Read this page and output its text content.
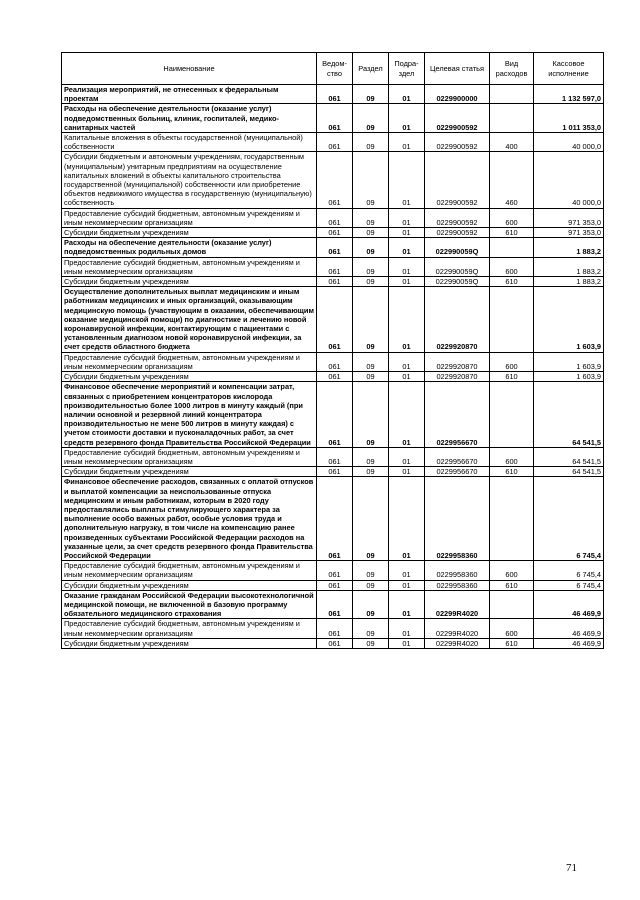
Наименование	Ведом-ство	Раздел	Подра-здел	Целевая статья	Вид расходов	Кассовое исполнение
Реализация мероприятий, не отнесенных к федеральным проектам	061	09	01	0229900000		1 132 597,0
Расходы на обеспечение деятельности (оказание услуг) подведомственных больниц, клиник, госпиталей, медико-санитарных частей	061	09	01	0229900592		1 011 353,0
Капитальные вложения в объекты государственной (муниципальной) собственности	061	09	01	0229900592	400	40 000,0
Субсидии бюджетным и автономным учреждениям, государственным (муниципальным) унитарным предприятиям на осуществление капитальных вложений в объекты капитального строительства государственной (муниципальной) собственности или приобретение объектов недвижимого имущества в государственную (муниципальную) собственность	061	09	01	0229900592	460	40 000,0
Предоставление субсидий бюджетным, автономным учреждениям и иным некоммерческим организациям	061	09	01	0229900592	600	971 353,0
Субсидии бюджетным учреждениям	061	09	01	0229900592	610	971 353,0
Расходы на обеспечение деятельности (оказание услуг) подведомственных родильных домов	061	09	01	022990059Q		1 883,2
Предоставление субсидий бюджетным, автономным учреждениям и иным некоммерческим организациям	061	09	01	022990059Q	600	1 883,2
Субсидии бюджетным учреждениям	061	09	01	022990059Q	610	1 883,2
Осуществление дополнительных выплат медицинским и иным работникам медицинских и иных организаций, оказывающим медицинскую помощь (участвующим в оказании, обеспечивающим оказание медицинской помощи) по диагностике и лечению новой коронавирусной инфекции, контактирующим с пациентами с установленным диагнозом новой коронавирусной инфекции, за счет средств областного бюджета	061	09	01	0229920870		1 603,9
Предоставление субсидий бюджетным, автономным учреждениям и иным некоммерческим организациям	061	09	01	0229920870	600	1 603,9
Субсидии бюджетным учреждениям	061	09	01	0229920870	610	1 603,9
Финансовое обеспечение мероприятий и компенсации затрат, связанных с приобретением концентраторов кислорода производительностью более 1000 литров в минуту каждый (при наличии основной и резервной линий концентратора производительностью не мене 500 литров в минуту каждая) с учетом стоимости доставки и пусконаладочных работ, за счет средств резервного фонда Правительства Российской Федерации	061	09	01	0229956670		64 541,5
Предоставление субсидий бюджетным, автономным учреждениям и иным некоммерческим организациям	061	09	01	0229956670	600	64 541,5
Субсидии бюджетным учреждениям	061	09	01	0229956670	610	64 541,5
Финансовое обеспечение расходов, связанных с оплатой отпусков и выплатой компенсации за неиспользованные отпуска медицинским и иным работникам, которым в 2020 году предоставлялись выплаты стимулирующего характера за выполнение особо важных работ, особые условия труда и дополнительную нагрузку, в том числе на компенсацию ранее произведенных субъектами Российской Федерации расходов на указанные цели, за счет средств резервного фонда Правительства Российской Федерации	061	09	01	0229958360		6 745,4
Предоставление субсидий бюджетным, автономным учреждениям и иным некоммерческим организациям	061	09	01	0229958360	600	6 745,4
Субсидии бюджетным учреждениям	061	09	01	0229958360	610	6 745,4
Оказание гражданам Российской Федерации высокотехнологичной медицинской помощи, не включенной в базовую программу обязательного медицинского страхования	061	09	01	02299R4020		46 469,9
Предоставление субсидий бюджетным, автономным учреждениям и иным некоммерческим организациям	061	09	01	02299R4020	600	46 469,9
Субсидии бюджетным учреждениям	061	09	01	02299R4020	610	46 469,9
71
